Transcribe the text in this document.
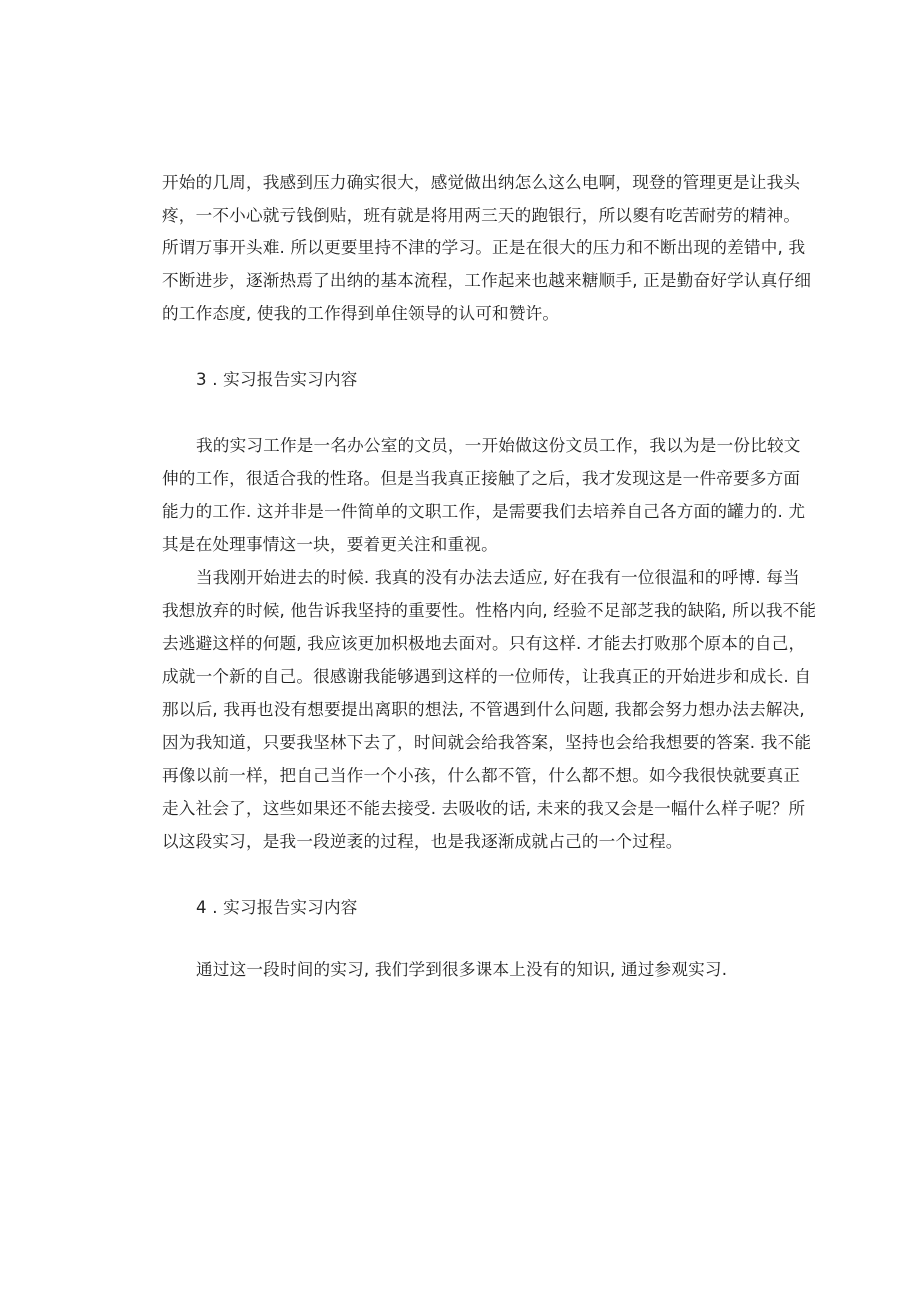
开始的几周，我感到压力确实很大，感觉做出纳怎么这么电啊，现登的管理更是让我头
疼，一不小心就亏钱倒贴，班有就是将用两三天的跑银行，所以夓有吃苦耐劳的精神。
所谓万事开头难. 所以更要里持不津的学习。正是在很大的压力和不断出现的差错中, 我
不断进步，逐渐热焉了出纳的基本流程，工作起来也越来糖顺手, 正是勤奋好学认真仔细
的工作态度, 使我的工作得到单住领导的认可和赞许。
3 . 实习报告实习内容
我的实习工作是一名办公室的文员，一开始做这份文员工作，我以为是一份比较文
伸的工作，很适合我的性珞。但是当我真正接触了之后，我才发现这是一件帝要多方面
能力的工作. 这并非是一件简单的文职工作，是需要我们去培养自己各方面的罐力的. 尤
其是在处理事情这一块，要着更关注和重视。
当我刚开始进去的时候. 我真的没有办法去适应, 好在我有一位很温和的呼博. 每当
我想放弃的时候, 他告诉我坚持的重要性。性格内向, 经验不足部芝我的缺陷, 所以我不能
去逃避这样的何题, 我应该更加枳极地去面对。只有这样. 才能去打败那个原本的自己，
成就一个新的自己。很感谢我能够遇到这样的一位师传，让我真正的开始进步和成长. 自
那以后, 我再也没有想要提出离职的想法, 不管遇到什么问题, 我都会努力想办法去解决,
因为我知道，只要我坚林下去了，时间就会给我答案，坚持也会给我想要的答案. 我不能
再像以前一样，把自己当作一个小孩，什么都不管，什么都不想。如今我很快就要真正
走入社会了，这些如果还不能去接受. 去吸收的话, 未来的我又会是一幅什么样子呢？所
以这段实习，是我一段逆袤的过程，也是我逐渐成就占己的一个过程。
4 . 实习报告实习内容
通过这一段时间的实习, 我们学到很多课本上没有的知识, 通过参观实习.
